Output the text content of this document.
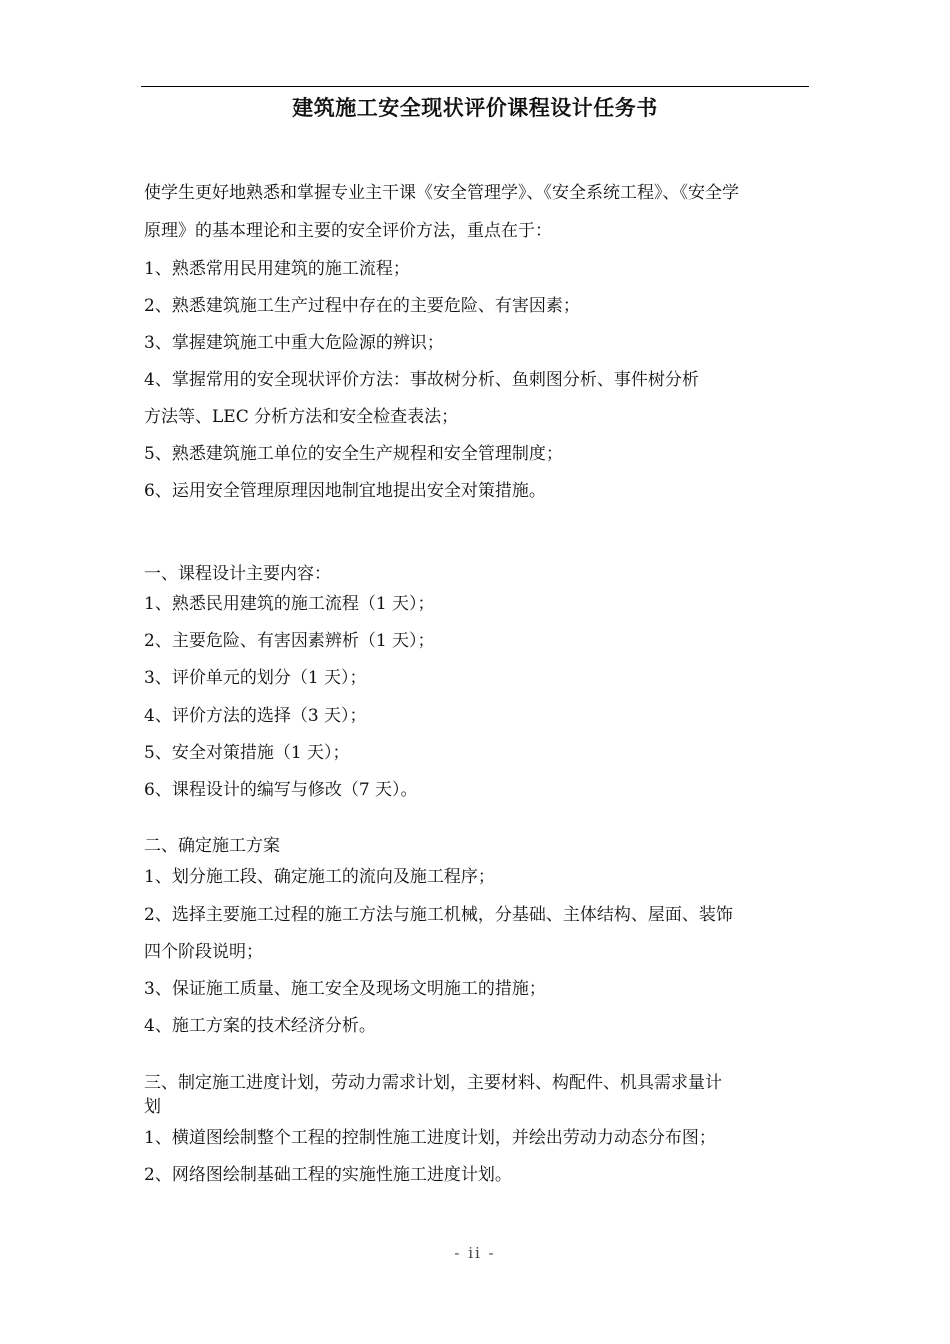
建筑施工安全现状评价课程设计任务书
使学生更好地熟悉和掌握专业主干课《安全管理学》、《安全系统工程》、《安全学
原理》的基本理论和主要的安全评价方法，重点在于：
1、熟悉常用民用建筑的施工流程；
2、熟悉建筑施工生产过程中存在的主要危险、有害因素；
3、掌握建筑施工中重大危险源的辨识；
4、掌握常用的安全现状评价方法：事故树分析、鱼刺图分析、事件树分析
方法等、LEC 分析方法和安全检查表法；
5、熟悉建筑施工单位的安全生产规程和安全管理制度；
6、运用安全管理原理因地制宜地提出安全对策措施。
一、课程设计主要内容：
1、熟悉民用建筑的施工流程（1 天）；
2、主要危险、有害因素辨析（1 天）；
3、评价单元的划分（1 天）；
4、评价方法的选择（3 天）；
5、安全对策措施（1 天）；
6、课程设计的编写与修改（7 天）。
二、确定施工方案
1、划分施工段、确定施工的流向及施工程序；
2、选择主要施工过程的施工方法与施工机械，分基础、主体结构、屋面、装饰
四个阶段说明；
3、保证施工质量、施工安全及现场文明施工的措施；
4、施工方案的技术经济分析。
三、制定施工进度计划，劳动力需求计划，主要材料、构配件、机具需求量计
划
1、横道图绘制整个工程的控制性施工进度计划，并绘出劳动力动态分布图；
2、网络图绘制基础工程的实施性施工进度计划。
- ii -
